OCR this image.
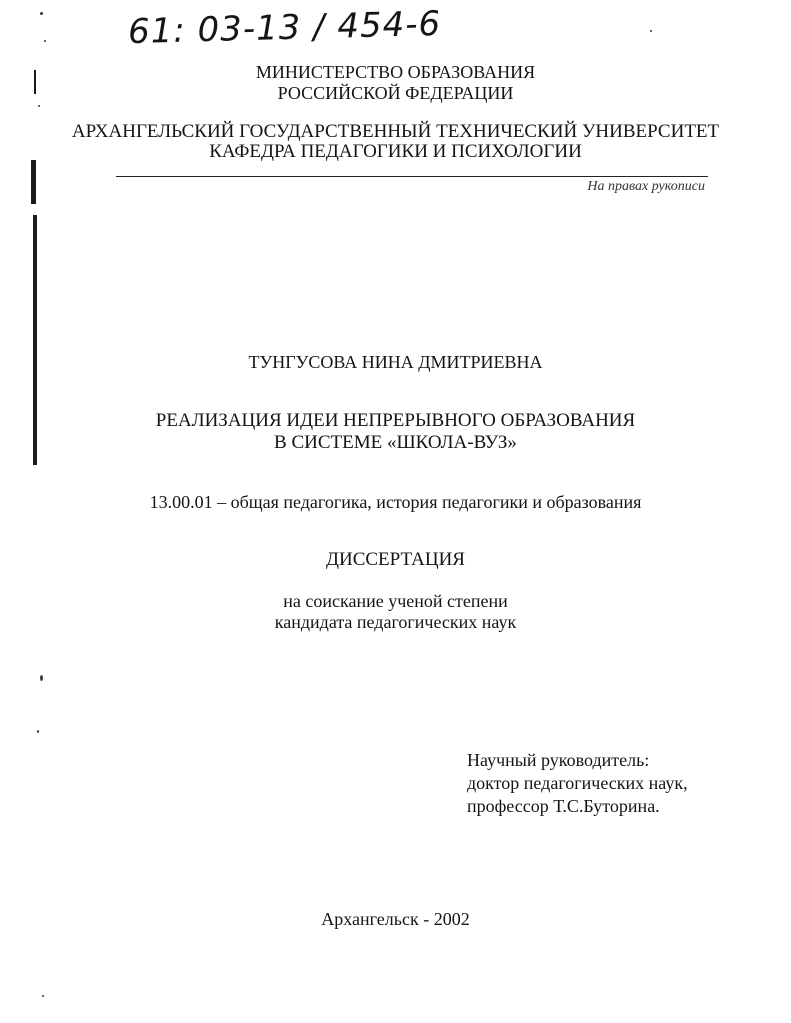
61: 03-13 / 454-6
МИНИСТЕРСТВО ОБРАЗОВАНИЯ
РОССИЙСКОЙ ФЕДЕРАЦИИ
АРХАНГЕЛЬСКИЙ ГОСУДАРСТВЕННЫЙ ТЕХНИЧЕСКИЙ УНИВЕРСИТЕТ
КАФЕДРА ПЕДАГОГИКИ И ПСИХОЛОГИИ
На правах рукописи
ТУНГУСОВА НИНА ДМИТРИЕВНА
РЕАЛИЗАЦИЯ ИДЕИ НЕПРЕРЫВНОГО ОБРАЗОВАНИЯ
В СИСТЕМЕ «ШКОЛА-ВУЗ»
13.00.01 – общая педагогика, история педагогики и образования
ДИССЕРТАЦИЯ
на соискание ученой степени
кандидата педагогических наук
Научный руководитель:
доктор педагогических наук,
профессор Т.С.Буторина.
Архангельск - 2002
